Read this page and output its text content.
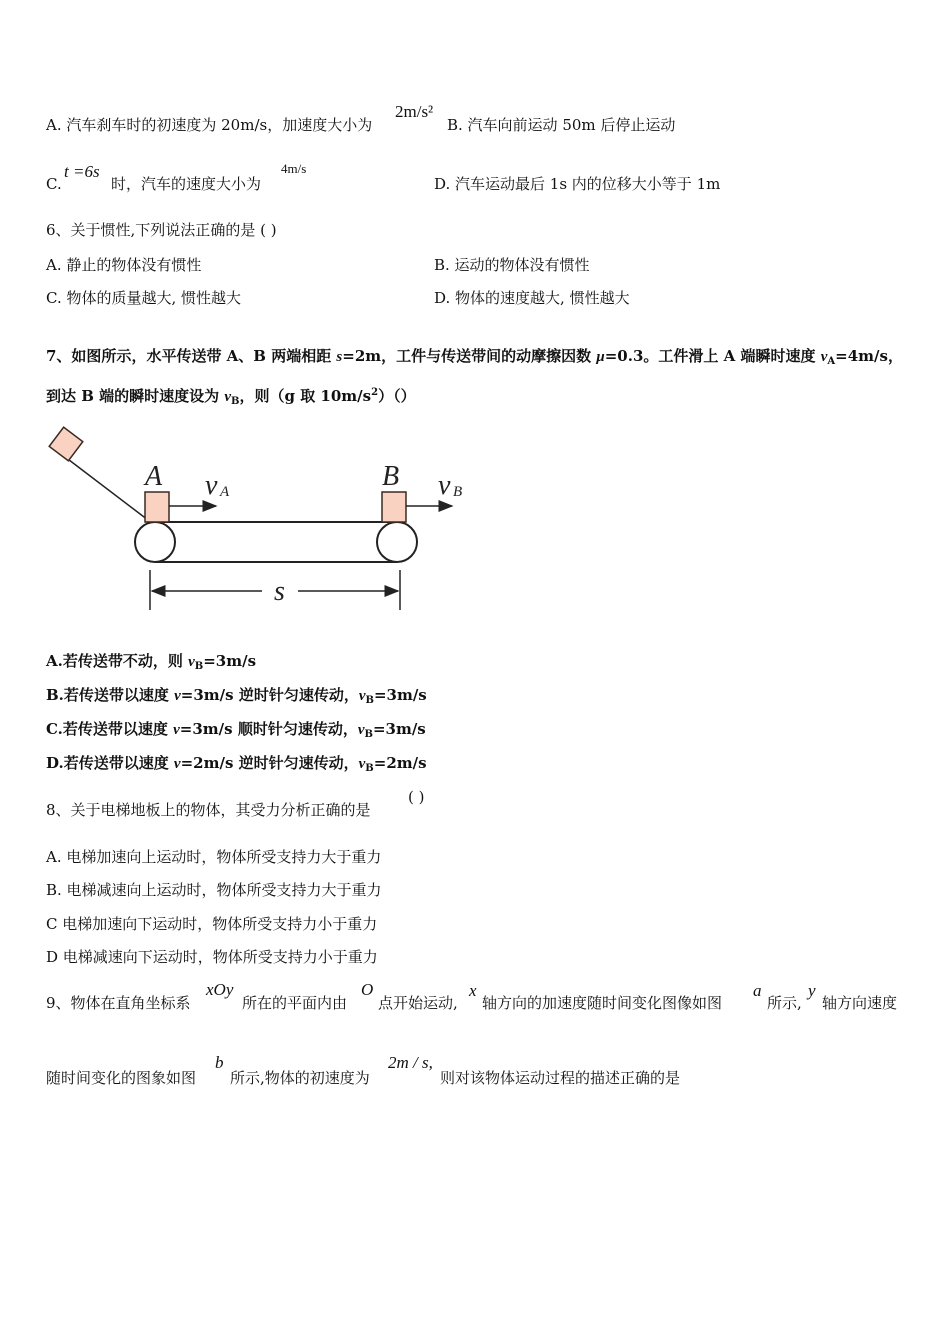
A. 汽车刹车时的初速度为 20m/s，加速度大小为
2m/s²
B. 汽车向前运动 50m 后停止运动
C.
t =6s
时，汽车的速度大小为
4m/s
D. 汽车运动最后 1s 内的位移大小等于 1m
6、关于惯性,下列说法正确的是 ( )
A. 静止的物体没有惯性	B. 运动的物体没有惯性
C. 物体的质量越大, 惯性越大	D. 物体的速度越大, 惯性越大
7、如图所示，水平传送带 A、B 两端相距 s=2m，工件与传送带间的动摩擦因数 μ=0.3。工件滑上 A 端瞬时速度 $v_A=4m/s$，
到达 B 端的瞬时速度设为 $v_B$，则（g 取 $10m/s^2)()$
A	B
v A	v B
s
A.若传送带不动，则 $v_B=3m/s$
B.若传送带以速度 v=3m/s 逆时针匀速传动，$v_B=3m/s$
C.若传送带以速度 v=3m/s 顺时针匀速传动，$v_B=3m/s$
D.若传送带以速度 v=2m/s 逆时针匀速传动，$v_B=2m/s$
8、关于电梯地板上的物体，其受力分析正确的是
( )
A. 电梯加速向上运动时，物体所受支持力大于重力
B. 电梯减速向上运动时，物体所受支持力大于重力
C 电梯加速向下运动时，物体所受支持力小于重力
D 电梯减速向下运动时，物体所受支持力小于重力
9、物体在直角坐标系
xOy
所在的平面内由
O
点开始运动,
x
轴方向的加速度随时间变化图像如图
a
所示,
y
轴方向速度
随时间变化的图象如图
b
所示,物体的初速度为
2m / s,
则对该物体运动过程的描述正确的是
